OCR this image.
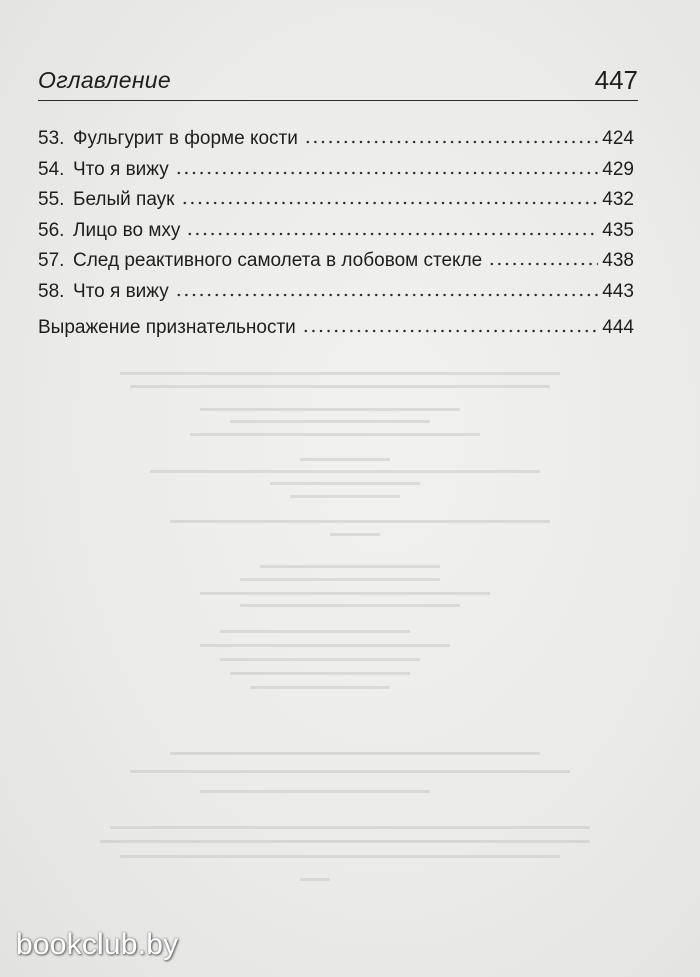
Оглавление	447
53. Фульгурит в форме кости	424
54. Что я вижу	429
55. Белый паук	432
56. Лицо во мху	435
57. След реактивного самолета в лобовом стекле	438
58. Что я вижу	443
Выражение признательности	444
bookclub.by
